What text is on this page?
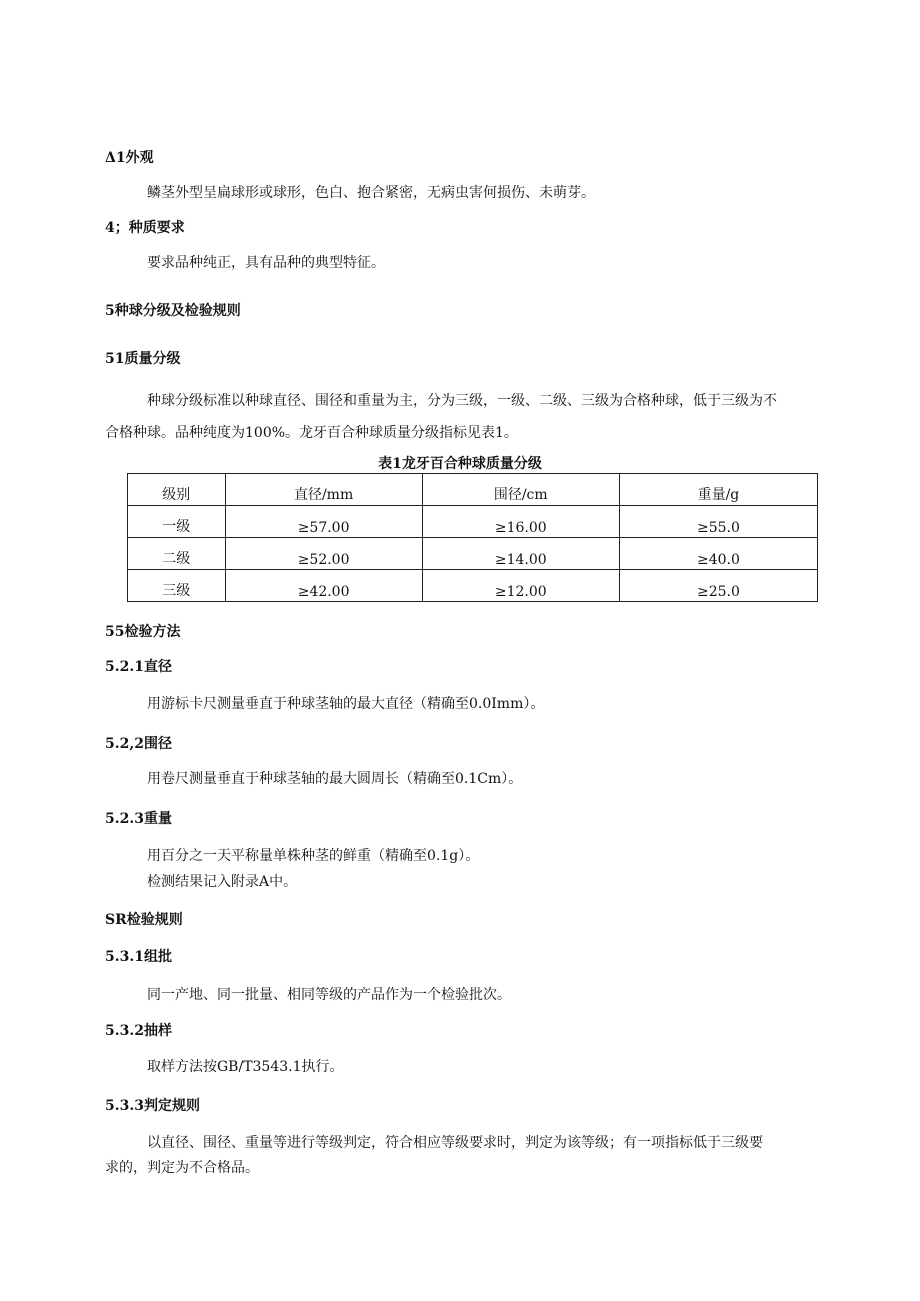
Δ1外观
鳞茎外型呈扁球形或球形，色白、抱合紧密，无病虫害何损伤、未萌芽。
4；种质要求
要求品种纯正，具有品种的典型特征。
5种球分级及检验规则
51质量分级
种球分级标准以种球直径、围径和重量为主，分为三级，一级、二级、三级为合格种球，低于三级为不
合格种球。品种纯度为100%。龙牙百合种球质量分级指标见表1。
表1龙牙百合种球质量分级
级别	直径/mm	围径/cm	重量/g
一级	≥57.00	≥16.00	≥55.0
二级	≥52.00	≥14.00	≥40.0
三级	≥42.00	≥12.00	≥25.0
55检验方法
5.2.1直径
用游标卡尺测量垂直于种球茎轴的最大直径（精确至0.0Imm）。
5.2,2围径
用卷尺测量垂直于种球茎轴的最大圆周长（精确至0.1Cm）。
5.2.3重量
用百分之一天平称量单株种茎的鲜重（精确至0.1g）。
检测结果记入附录A中。
SR检验规则
5.3.1组批
同一产地、同一批量、相同等级的产品作为一个检验批次。
5.3.2抽样
取样方法按GB/T3543.1执行。
5.3.3判定规则
以直径、围径、重量等进行等级判定，符合相应等级要求时，判定为该等级；有一项指标低于三级要
求的，判定为不合格品。
